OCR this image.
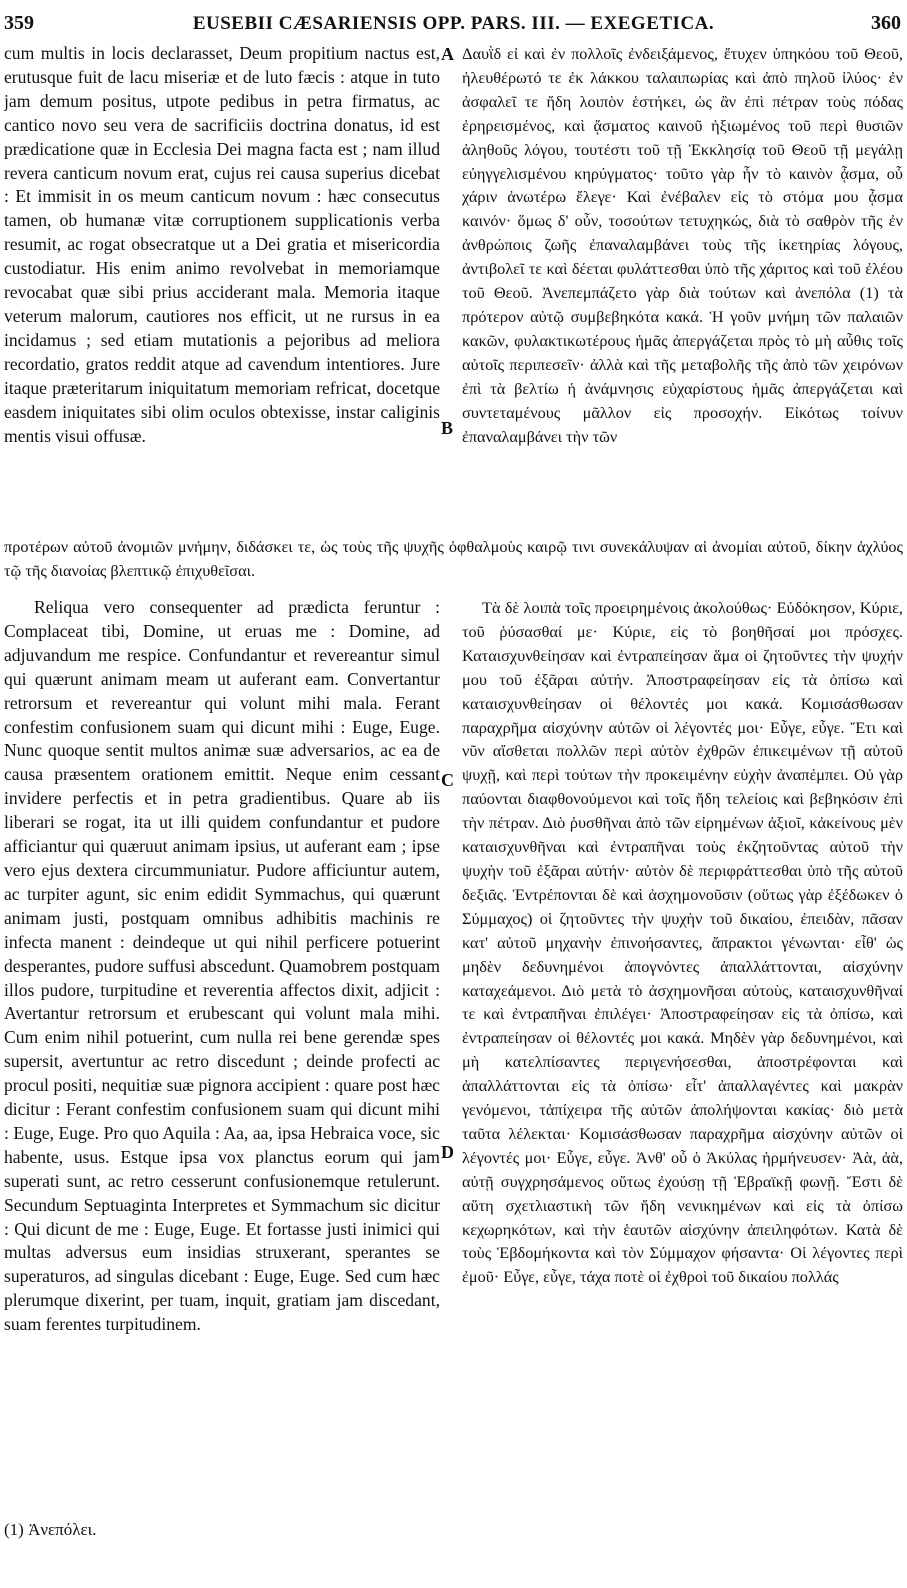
359	EUSEBII CÆSARIENSIS OPP. PARS. III. — EXEGETICA.	360
A
B
C
D
cum multis in locis declarasset, Deum propitium nactus est, erutusque fuit de lacu miseriæ et de luto fæcis : atque in tuto jam demum positus, utpote pedibus in petra firmatus, ac cantico novo seu vera de sacrificiis doctrina donatus, id est prædicatione quæ in Ecclesia Dei magna facta est ; nam illud revera canticum novum erat, cujus rei causa superius dicebat : Et immisit in os meum canticum novum : hæc consecutus tamen, ob humanæ vitæ corruptionem supplicationis verba resumit, ac rogat obsecratque ut a Dei gratia et misericordia custodiatur. His enim animo revolvebat in memoriamque revocabat quæ sibi prius acciderant mala. Memoria itaque veterum malorum, cautiores nos efficit, ut ne rursus in ea incidamus ; sed etiam mutationis a pejoribus ad meliora recordatio, gratos reddit atque ad cavendum intentiores. Jure itaque præteritarum iniquitatum memoriam refricat, docetque easdem iniquitates sibi olim oculos obtexisse, instar caliginis mentis visui offusæ.
Δαυῒδ εἰ καὶ ἐν πολλοῖς ἐνδειξάμενος, ἔτυχεν ὑπηκόου τοῦ Θεοῦ, ἠλευθέρωτό τε ἐκ λάκκου ταλαιπωρίας καὶ ἀπὸ πηλοῦ ἰλύος· ἐν ἀσφαλεῖ τε ἤδη λοιπὸν ἑστήκει, ὡς ἂν ἐπὶ πέτραν τοὺς πόδας ἐρηρεισμένος, καὶ ᾄσματος καινοῦ ἠξιωμένος τοῦ περὶ θυσιῶν ἀληθοῦς λόγου, τουτέστι τοῦ τῇ Ἐκκλησίᾳ τοῦ Θεοῦ τῇ μεγάλῃ εὐηγγελισμένου κηρύγματος· τοῦτο γὰρ ἦν τὸ καινὸν ᾆσμα, οὗ χάριν ἀνωτέρω ἔλεγε· Καὶ ἐνέβαλεν εἰς τὸ στόμα μου ᾆσμα καινόν· ὅμως δ' οὖν, τοσούτων τετυχηκώς, διὰ τὸ σαθρὸν τῆς ἐν ἀνθρώποις ζωῆς ἐπαναλαμβάνει τοὺς τῆς ἱκετηρίας λόγους, ἀντιβολεῖ τε καὶ δέεται φυλάττεσθαι ὑπὸ τῆς χάριτος καὶ τοῦ ἐλέου τοῦ Θεοῦ. Ἀνεπεμπάζετο γὰρ διὰ τούτων καὶ ἀνεπόλα (1) τὰ πρότερον αὐτῷ συμβεβηκότα κακά. Ἡ γοῦν μνήμη τῶν παλαιῶν κακῶν, φυλακτικωτέρους ἡμᾶς ἀπεργάζεται πρὸς τὸ μὴ αὖθις τοῖς αὐτοῖς περιπεσεῖν· ἀλλὰ καὶ τῆς μεταβολῆς τῆς ἀπὸ τῶν χειρόνων ἐπὶ τὰ βελτίω ἡ ἀνάμνησις εὐχαρίστους ἡμᾶς ἀπεργάζεται καὶ συντεταμένους μᾶλλον εἰς προσοχήν. Εἰκότως τοίνυν ἐπαναλαμβάνει τὴν τῶν
προτέρων αὐτοῦ ἀνομιῶν μνήμην, διδάσκει τε, ὡς τοὺς τῆς ψυχῆς ὀφθαλμοὺς καιρῷ τινι συνεκάλυψαν αἱ ἀνομίαι αὐτοῦ, δίκην ἀχλύος τῷ τῆς διανοίας βλεπτικῷ ἐπιχυθεῖσαι.
Reliqua vero consequenter ad prædicta feruntur : Complaceat tibi, Domine, ut eruas me : Domine, ad adjuvandum me respice. Confundantur et revereantur simul qui quærunt animam meam ut auferant eam. Convertantur retrorsum et revereantur qui volunt mihi mala. Ferant confestim confusionem suam qui dicunt mihi : Euge, Euge. Nunc quoque sentit multos animæ suæ adversarios, ac ea de causa præsentem orationem emittit. Neque enim cessant invidere perfectis et in petra gradientibus. Quare ab iis liberari se rogat, ita ut illi quidem confundantur et pudore afficiantur qui quæruut animam ipsius, ut auferant eam ; ipse vero ejus dextera circummuniatur. Pudore afficiuntur autem, ac turpiter agunt, sic enim edidit Symmachus, qui quærunt animam justi, postquam omnibus adhibitis machinis re infecta manent : deindeque ut qui nihil perficere potuerint desperantes, pudore suffusi abscedunt. Quamobrem postquam illos pudore, turpitudine et reverentia affectos dixit, adjicit : Avertantur retrorsum et erubescant qui volunt mala mihi. Cum enim nihil potuerint, cum nulla rei bene gerendæ spes supersit, avertuntur ac retro discedunt ; deinde profecti ac procul positi, nequitiæ suæ pignora accipient : quare post hæc dicitur : Ferant confestim confusionem suam qui dicunt mihi : Euge, Euge. Pro quo Aquila : Aa, aa, ipsa Hebraica voce, sic habente, usus. Estque ipsa vox planctus eorum qui jam superati sunt, ac retro cesserunt confusionemque retulerunt. Secundum Septuaginta Interpretes et Symmachum sic dicitur : Qui dicunt de me : Euge, Euge. Et fortasse justi inimici qui multas adversus eum insidias struxerant, sperantes se superaturos, ad singulas dicebant : Euge, Euge. Sed cum hæc plerumque dixerint, per tuam, inquit, gratiam jam discedant, suam ferentes turpitudinem.
Τὰ δὲ λοιπὰ τοῖς προειρημένοις ἀκολούθως· Εὐδόκησον, Κύριε, τοῦ ῥύσασθαί με· Κύριε, εἰς τὸ βοηθῆσαί μοι πρόσχες. Καταισχυνθείησαν καὶ ἐντραπείησαν ἅμα οἱ ζητοῦντες τὴν ψυχήν μου τοῦ ἐξᾶραι αὐτήν. Ἀποστραφείησαν εἰς τὰ ὀπίσω καὶ καταισχυνθείησαν οἱ θέλοντές μοι κακά. Κομισάσθωσαν παραχρῆμα αἰσχύνην αὐτῶν οἱ λέγοντές μοι· Εὖγε, εὖγε. Ἔτι καὶ νῦν αἴσθεται πολλῶν περὶ αὐτὸν ἐχθρῶν ἐπικειμένων τῇ αὐτοῦ ψυχῇ, καὶ περὶ τούτων τὴν προκειμένην εὐχὴν ἀναπέμπει. Οὐ γὰρ παύονται διαφθονούμενοι καὶ τοῖς ἤδη τελείοις καὶ βεβηκόσιν ἐπὶ τὴν πέτραν. Διὸ ῥυσθῆναι ἀπὸ τῶν εἰρημένων ἀξιοῖ, κἀκείνους μὲν καταισχυνθῆναι καὶ ἐντραπῆναι τοὺς ἐκζητοῦντας αὐτοῦ τὴν ψυχὴν τοῦ ἐξᾶραι αὐτήν· αὐτὸν δὲ περιφράττεσθαι ὑπὸ τῆς αὐτοῦ δεξιᾶς. Ἐντρέπονται δὲ καὶ ἀσχημονοῦσιν (οὕτως γὰρ ἐξέδωκεν ὁ Σύμμαχος) οἱ ζητοῦντες τὴν ψυχὴν τοῦ δικαίου, ἐπειδὰν, πᾶσαν κατ' αὐτοῦ μηχανὴν ἐπινοήσαντες, ἄπρακτοι γένωνται· εἶθ' ὡς μηδὲν δεδυνημένοι ἀπογνόντες ἀπαλλάττονται, αἰσχύνην καταχεάμενοι. Διὸ μετὰ τὸ ἀσχημονῆσαι αὐτοὺς, καταισχυνθῆναί τε καὶ ἐντραπῆναι ἐπιλέγει· Ἀποστραφείησαν εἰς τὰ ὀπίσω, καὶ ἐντραπείησαν οἱ θέλοντές μοι κακά. Μηδὲν γὰρ δεδυνημένοι, καὶ μὴ κατελπίσαντες περιγενήσεσθαι, ἀποστρέφονται καὶ ἀπαλλάττονται εἰς τὰ ὀπίσω· εἶτ' ἀπαλλαγέντες καὶ μακρὰν γενόμενοι, τἀπίχειρα τῆς αὐτῶν ἀπολήψονται κακίας· διὸ μετὰ ταῦτα λέλεκται· Κομισάσθωσαν παραχρῆμα αἰσχύνην αὐτῶν οἱ λέγοντές μοι· Εὖγε, εὖγε. Ἀνθ' οὗ ὁ Ἀκύλας ἡρμήνευσεν· Ἀὰ, ἀὰ, αὐτῇ συγχρησάμενος οὕτως ἐχούσῃ τῇ Ἑβραϊκῇ φωνῇ. Ἔστι δὲ αὕτη σχετλιαστικὴ τῶν ἤδη νενικημένων καὶ εἰς τὰ ὀπίσω κεχωρηκότων, καὶ τὴν ἑαυτῶν αἰσχύνην ἀπειληφότων. Κατὰ δὲ τοὺς Ἑβδομήκοντα καὶ τὸν Σύμμαχον φήσαντα· Οἱ λέγοντες περὶ ἐμοῦ· Εὖγε, εὖγε, τάχα ποτὲ οἱ ἐχθροὶ τοῦ δικαίου πολλάς
(1) Ἀνεπόλει.
